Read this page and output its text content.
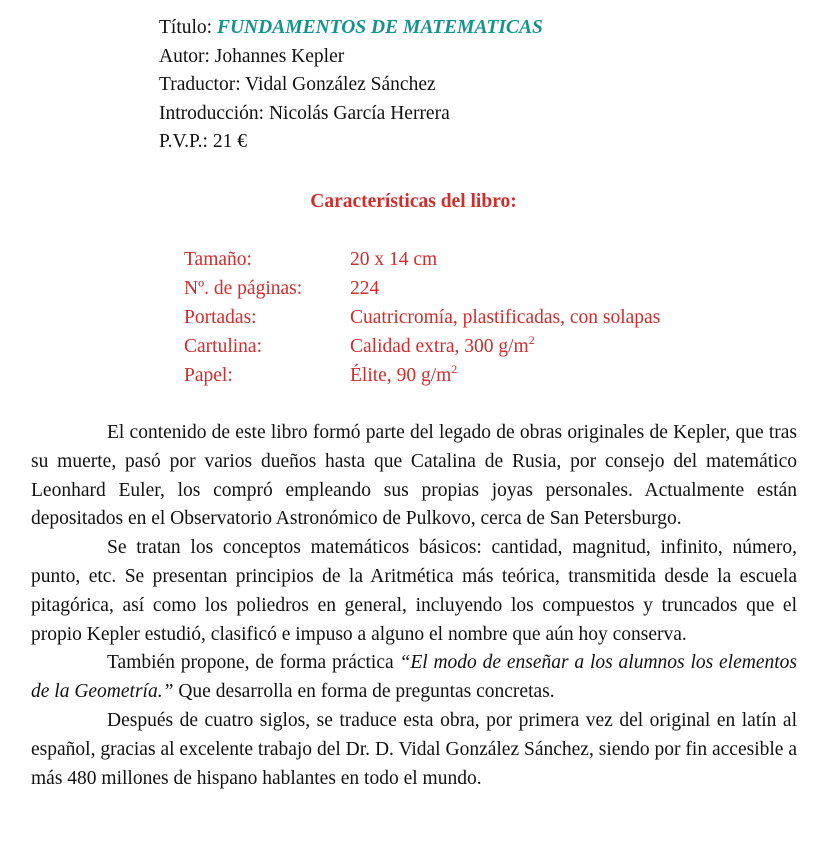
Título: FUNDAMENTOS DE MATEMATICAS
Autor: Johannes Kepler
Traductor: Vidal González Sánchez
Introducción: Nicolás García Herrera
P.V.P.: 21 €
Características del libro:
Tamaño:	20 x 14 cm
Nº. de páginas: 224
Portadas:	Cuatricromía, plastificadas, con solapas
Cartulina:	Calidad extra, 300 $g/m^2$
Papel:	Élite, 90 $g/m^2$

El contenido de este libro formó parte del legado de obras originales de Kepler, que tras su muerte, pasó por varios dueños hasta que Catalina de Rusia, por consejo del matemático Leonhard Euler, los compró empleando sus propias joyas personales. Actualmente están depositados en el Observatorio Astronómico de Pulkovo, cerca de San Petersburgo.

Se tratan los conceptos matemáticos básicos: cantidad, magnitud, infinito, número, punto, etc. Se presentan principios de la Aritmética más teórica, transmitida desde la escuela pitagórica, así como los poliedros en general, incluyendo los compuestos y truncados que el propio Kepler estudió, clasificó e impuso a alguno el nombre que aún hoy conserva.

También propone, de forma práctica “El modo de enseñar a los alumnos los elementos de la Geometría.” Que desarrolla en forma de preguntas concretas.

Después de cuatro siglos, se traduce esta obra, por primera vez del original en latín al español, gracias al excelente trabajo del Dr. D. Vidal González Sánchez, siendo por fin accesible a más 480 millones de hispano hablantes en todo el mundo.
